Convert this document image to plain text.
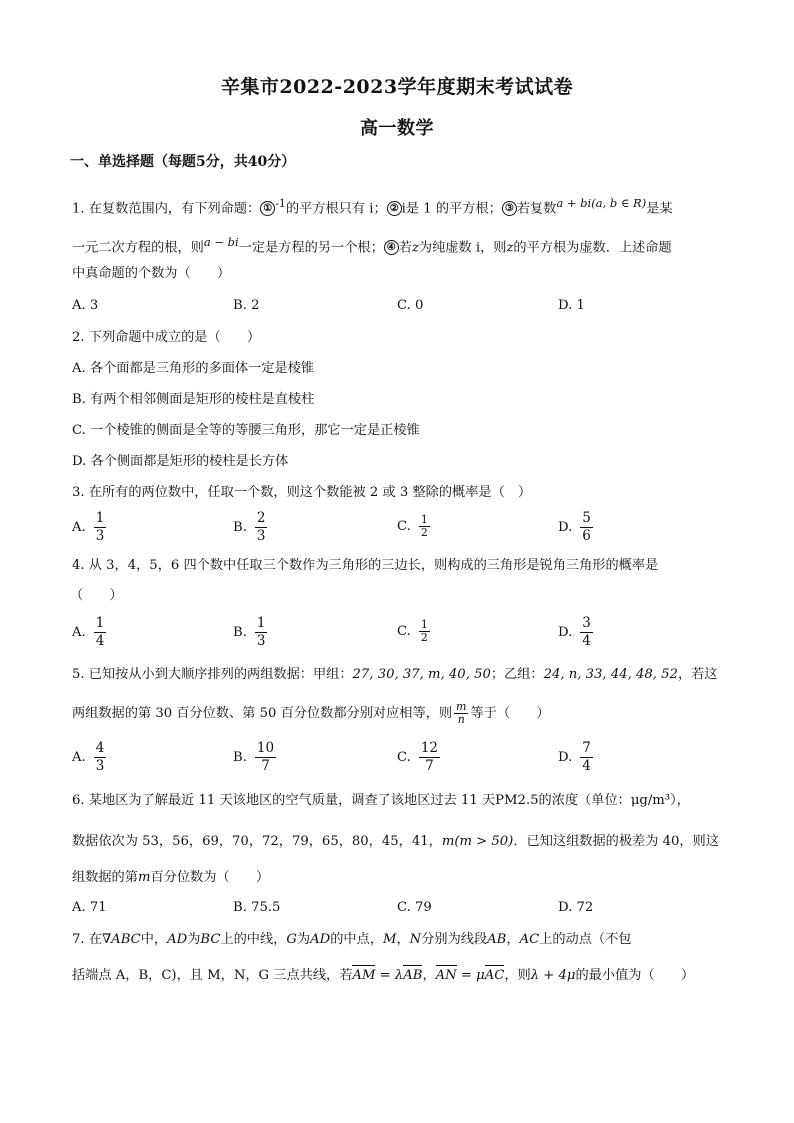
辛集市2022-2023学年度期末考试试卷
高一数学
一、单选择题（每题5分，共40分）
1. 在复数范围内，有下列命题： ① $^{-1}$的平方根只有 i； ② i是 1 的平方根； ③ 若复数$^{a + bi(a, b \in R)}$是某
一元二次方程的根，则$^{a - bi}$一定是方程的另一个根； ④ 若z为纯虚数 i，则z的平方根为虚数．上述命题
中真命题的个数为（　　）
A. 3	B. 2	C. 0	D. 1
2. 下列命题中成立的是（　　）
A. 各个面都是三角形的多面体一定是棱锥
B. 有两个相邻侧面是矩形的棱柱是直棱柱
C. 一个棱锥的侧面是全等的等腰三角形，那它一定是正棱锥
D. 各个侧面都是矩形的棱柱是长方体
3. 在所有的两位数中，任取一个数，则这个数能被 2 或 3 整除的概率是（　）
A. $\frac{1}{3}$	B. $\frac{2}{3}$	C. $\frac{1}{2}$	D. $\frac{5}{6}$
4. 从 3，4，5，6 四个数中任取三个数作为三角形的三边长，则构成的三角形是锐角三角形的概率是
（　　）
A. $\frac{1}{4}$	B. $\frac{1}{3}$	C. $\frac{1}{2}$	D. $\frac{3}{4}$
5. 已知按从小到大顺序排列的两组数据：甲组：27, 30, 37, m, 40, 50；乙组：24, n, 33, 44, 48, 52，若这
两组数据的第 30 百分位数、第 50 百分位数都分别对应相等，则 $\frac{m}{n}$ 等于（　　）
A. $\frac{4}{3}$	B. $\frac{10}{7}$	C. $\frac{12}{7}$	D. $\frac{7}{4}$
6. 某地区为了解最近 11 天该地区的空气质量，调查了该地区过去 11 天PM2.5的浓度（单位：μg/m³），
数据依次为 53，56，69，70，72，79，65，80，45，41，m(m > 50)．已知这组数据的极差为 40，则这
组数据的第m百分位数为（　　）
A. 71	B. 75.5	C. 79	D. 72
7. 在∇ABC中，AD为BC上的中线，G为AD的中点，M，N分别为线段AB，AC上的动点（不包
括端点 A，B，C)，且 M，N，G 三点共线，若AM = λAB，AN = μAC，则λ + 4μ的最小值为（　　）
